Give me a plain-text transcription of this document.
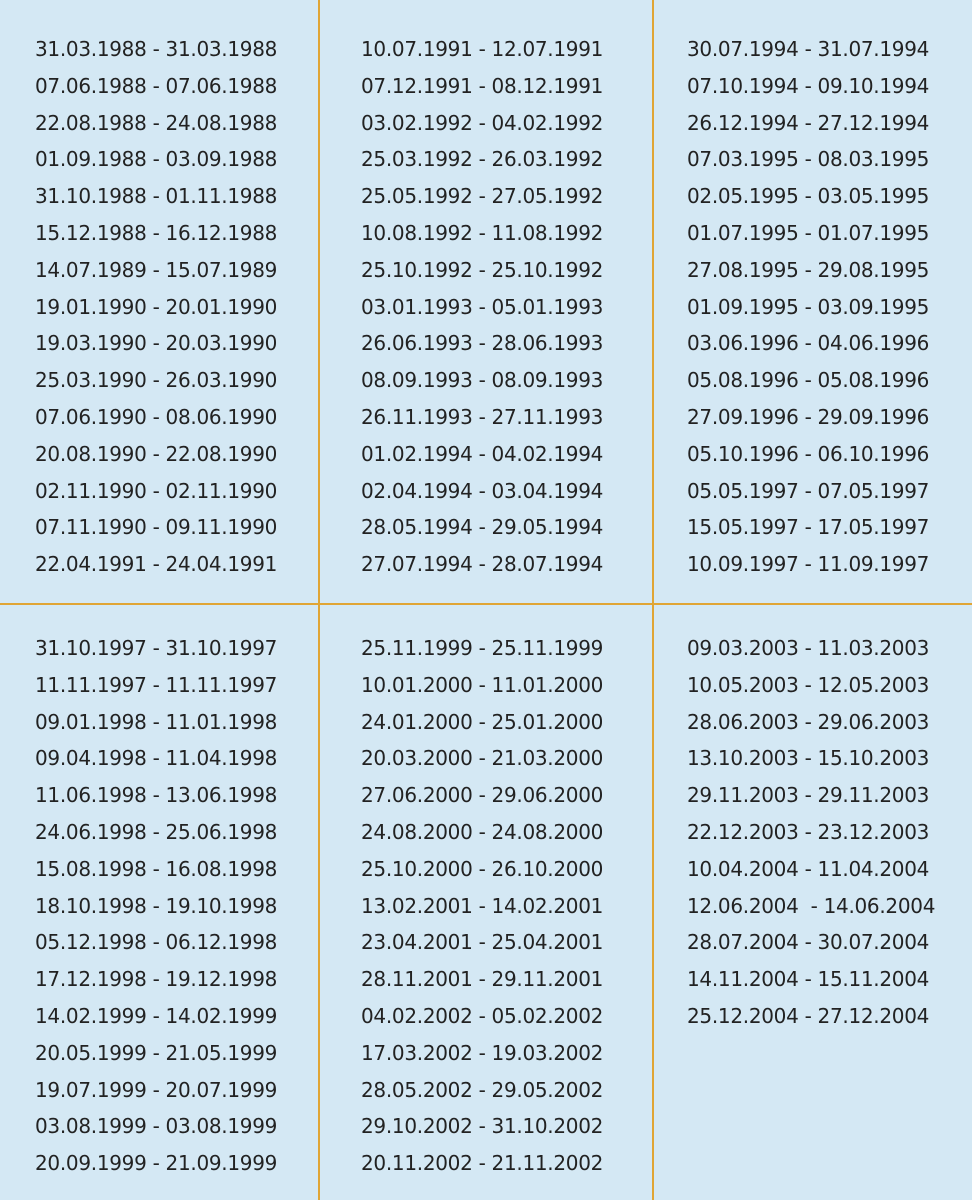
31.03.1988 - 31.03.1988
07.06.1988 - 07.06.1988
22.08.1988 - 24.08.1988
01.09.1988 - 03.09.1988
31.10.1988 - 01.11.1988
15.12.1988 - 16.12.1988
14.07.1989 - 15.07.1989
19.01.1990 - 20.01.1990
19.03.1990 - 20.03.1990
25.03.1990 - 26.03.1990
07.06.1990 - 08.06.1990
20.08.1990 - 22.08.1990
02.11.1990 - 02.11.1990
07.11.1990 - 09.11.1990
22.04.1991 - 24.04.1991
10.07.1991 - 12.07.1991
07.12.1991 - 08.12.1991
03.02.1992 - 04.02.1992
25.03.1992 - 26.03.1992
25.05.1992 - 27.05.1992
10.08.1992 - 11.08.1992
25.10.1992 - 25.10.1992
03.01.1993 - 05.01.1993
26.06.1993 - 28.06.1993
08.09.1993 - 08.09.1993
26.11.1993 - 27.11.1993
01.02.1994 - 04.02.1994
02.04.1994 - 03.04.1994
28.05.1994 - 29.05.1994
27.07.1994 - 28.07.1994
30.07.1994 - 31.07.1994
07.10.1994 - 09.10.1994
26.12.1994 - 27.12.1994
07.03.1995 - 08.03.1995
02.05.1995 - 03.05.1995
01.07.1995 - 01.07.1995
27.08.1995 - 29.08.1995
01.09.1995 - 03.09.1995
03.06.1996 - 04.06.1996
05.08.1996 - 05.08.1996
27.09.1996 - 29.09.1996
05.10.1996 - 06.10.1996
05.05.1997 - 07.05.1997
15.05.1997 - 17.05.1997
10.09.1997 - 11.09.1997
31.10.1997 - 31.10.1997
11.11.1997 - 11.11.1997
09.01.1998 - 11.01.1998
09.04.1998 - 11.04.1998
11.06.1998 - 13.06.1998
24.06.1998 - 25.06.1998
15.08.1998 - 16.08.1998
18.10.1998 - 19.10.1998
05.12.1998 - 06.12.1998
17.12.1998 - 19.12.1998
14.02.1999 - 14.02.1999
20.05.1999 - 21.05.1999
19.07.1999 - 20.07.1999
03.08.1999 - 03.08.1999
20.09.1999 - 21.09.1999
25.11.1999 - 25.11.1999
10.01.2000 - 11.01.2000
24.01.2000 - 25.01.2000
20.03.2000 - 21.03.2000
27.06.2000 - 29.06.2000
24.08.2000 - 24.08.2000
25.10.2000 - 26.10.2000
13.02.2001 - 14.02.2001
23.04.2001 - 25.04.2001
28.11.2001 - 29.11.2001
04.02.2002 - 05.02.2002
17.03.2002 - 19.03.2002
28.05.2002 - 29.05.2002
29.10.2002 - 31.10.2002
20.11.2002 - 21.11.2002
09.03.2003 - 11.03.2003
10.05.2003 - 12.05.2003
28.06.2003 - 29.06.2003
13.10.2003 - 15.10.2003
29.11.2003 - 29.11.2003
22.12.2003 - 23.12.2003
10.04.2004 - 11.04.2004
12.06.2004  - 14.06.2004
28.07.2004 - 30.07.2004
14.11.2004 - 15.11.2004
25.12.2004 - 27.12.2004
